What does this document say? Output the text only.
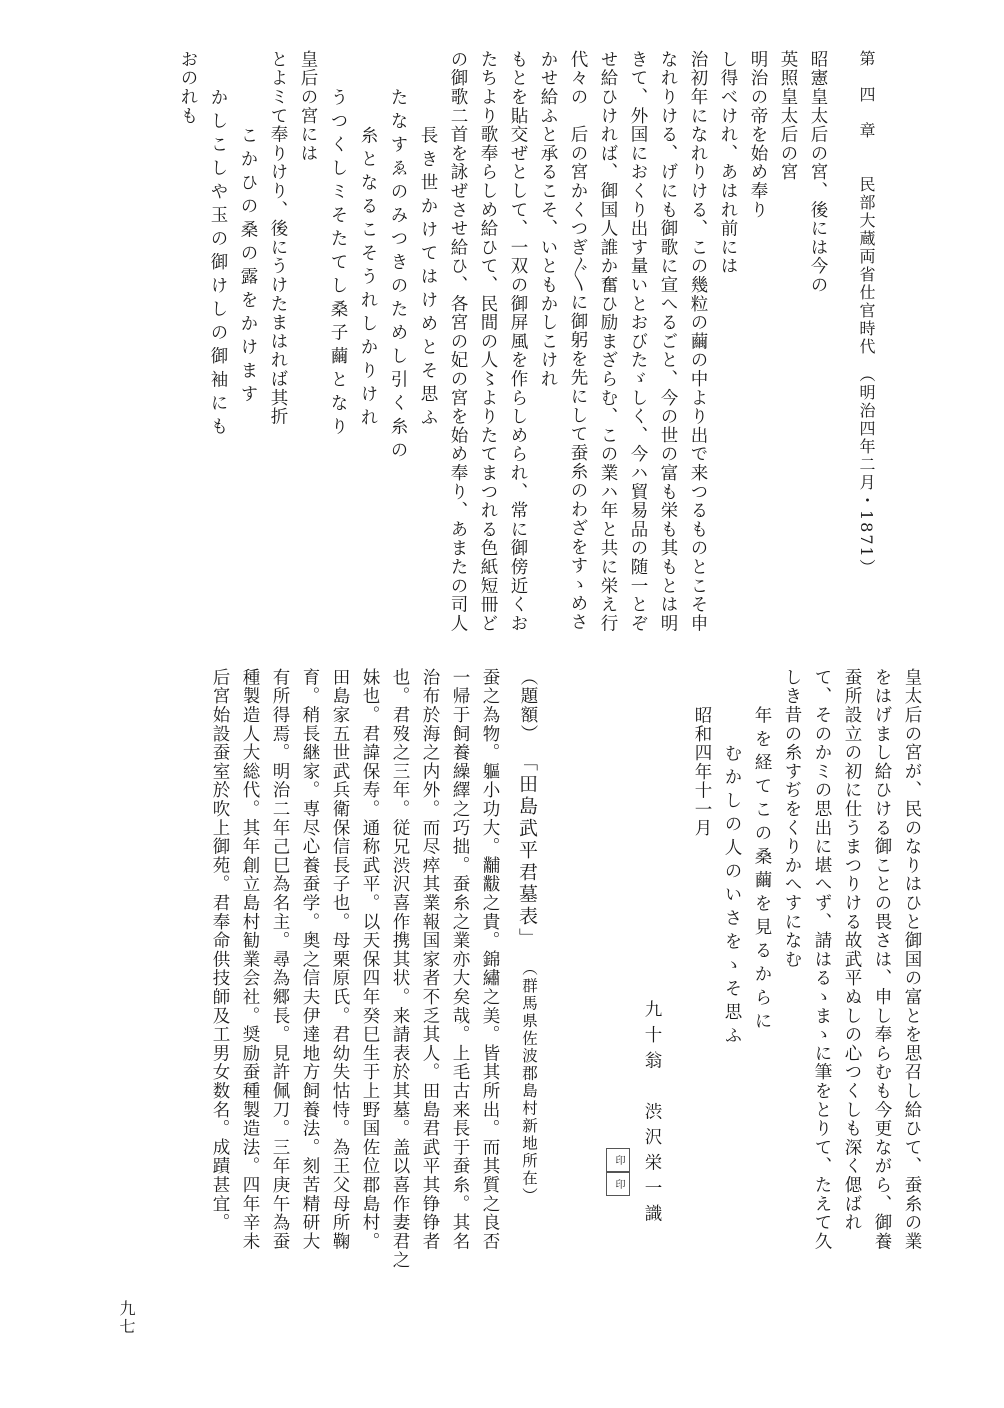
おのれも
かしこしや玉の御けしの御袖にも こかひの桑の露をかけます とよミて奉りけり、後にうけたまはれば其折 皇后の宮には うつくしミそたてし桑子繭となり 糸となるこそうれしかりけれ たなすゑのみつきのためし引く糸の 長き世かけてはけめとそ思ふ の御歌二首を詠ぜさせ給ひ、各宮の妃の宮を始め奉り、あまたの司人 たちより歌奉らしめ給ひて、民間の人〻よりたてまつれる色紙短冊ど もとを貼交ぜとして、一双の御屏風を作らしめられ、常に御傍近くお かせ給ふと承るこそ、いともかしこけれ 代々の　后の宮かくつぎ〲に御躬を先にして蚕糸のわざをすゝめさ せ給ひければ、御国人誰か奮ひ励まざらむ、この業ハ年と共に栄え行 きて、外国におくり出す量いとおびたゞしく、今ハ貿易品の随一とぞ なれりける、げにも御歌に宣へるごと、今の世の富も栄も其もとは明 治初年になれりける、この幾粒の繭の中より出で来つるものとこそ申 し得べけれ、あはれ前には 明治の帝を始め奉り 英照皇太后の宮 昭憲皇太后の宮、後には今の 第　四　章　　民部大蔵両省仕官時代　（明治四年二月・1871）
皇太后の宮が、民のなりはひと御国の富とを思召し給ひて、蚕糸の業
をはげまし給ひける御ことの畏さは、申し奉らむも今更ながら、御養
蚕所設立の初に仕うまつりける故武平ぬしの心つくしも深く偲ばれ
て、そのかミの思出に堪へず、請はるゝまゝに筆をとりて、たえて久
しき昔の糸すぢをくりかへすになむ
年を経てこの桑繭を見るからに
むかしの人のいさをゝそ思ふ
昭和四年十一月
九十翁　渋沢栄一識
印
印
（題額）
「田島武平君墓表」
（群馬県佐波郡島村新地所在）
蚕之為物。軀小功大。黼黻之貴。錦繡之美。皆其所出。而其質之良否
一帰于飼養繰繹之巧拙。蚕糸之業亦大矣哉。上毛古来長于蚕糸。其名
治布於海之内外。而尽瘁其業報国家者不乏其人。田島君武平其铮铮者
也。君歿之三年。従兄渋沢喜作携其状。来請表於其墓。盖以喜作妻君之
妹也。君諱保寿。通称武平。以天保四年癸巳生于上野国佐位郡島村。
田島家五世武兵衛保信長子也。母栗原氏。君幼失怙恃。為王父母所鞠
育。稍長継家。専尽心養蚕学。奥之信夫伊達地方飼養法。刻苦精研大
有所得焉。明治二年己巳為名主。尋為郷長。見許佩刀。三年庚午為蚕
種製造人大総代。其年創立島村勧業会社。奨励蚕種製造法。四年辛未
后宮始設蚕室於吹上御苑。君奉命供技師及工男女数名。成蹟甚宜。
九七
